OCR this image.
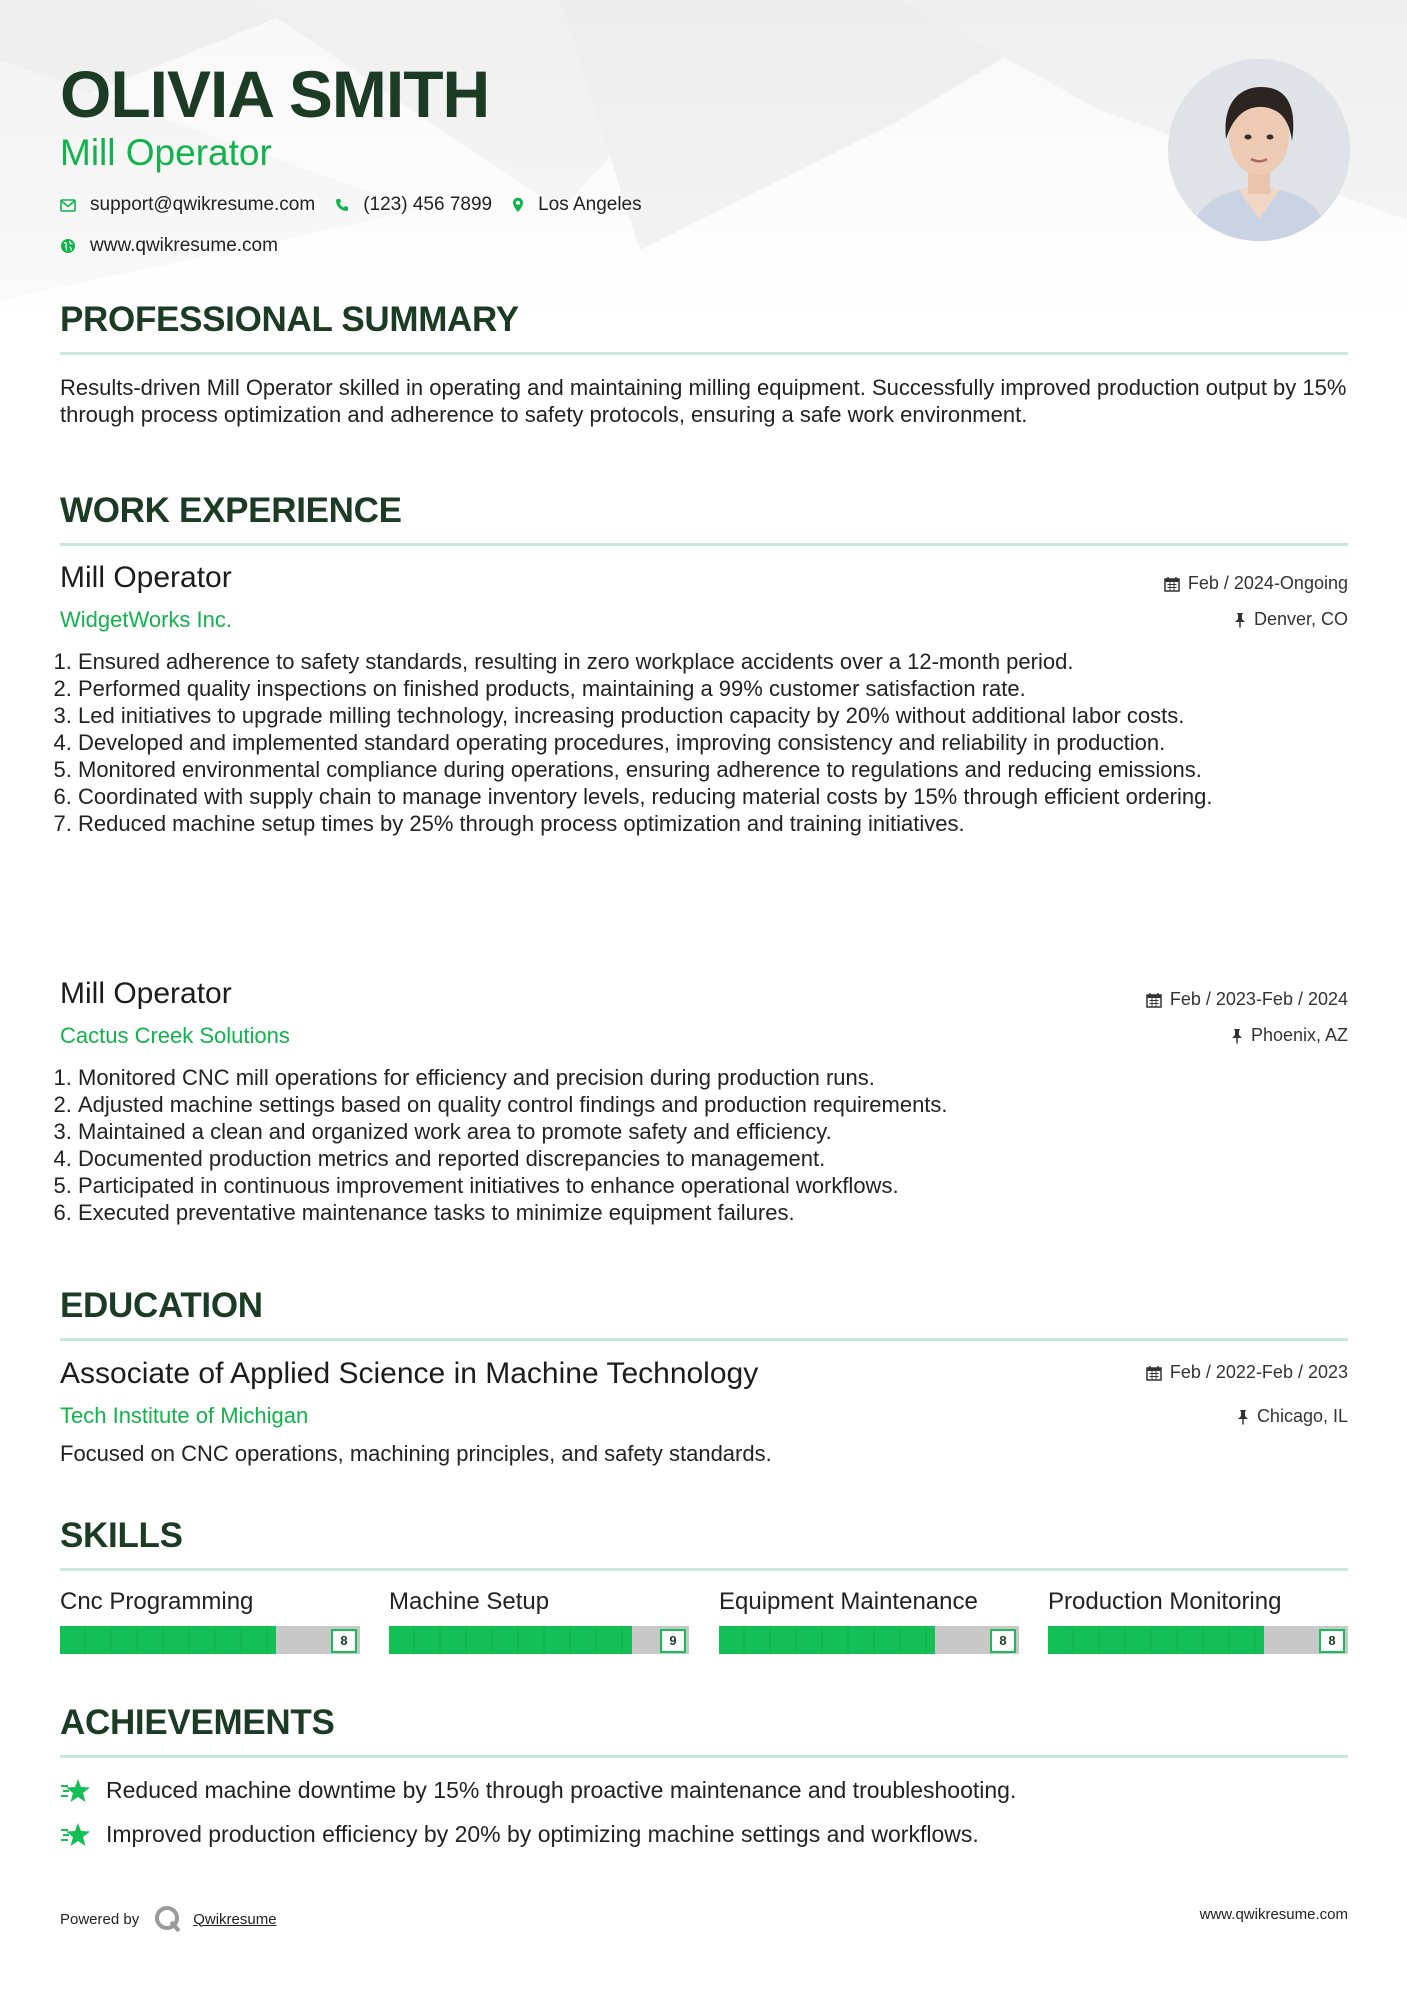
OLIVIA SMITH
Mill Operator
support@qwikresume.com	(123) 456 7899 Los Angeles
www.qwikresume.com
PROFESSIONAL SUMMARY

Results-driven Mill Operator skilled in operating and maintaining milling equipment. Successfully improved production output by 15% through process optimization and adherence to safety protocols, ensuring a safe work environment.

WORK EXPERIENCE
Mill Operator	Feb / 2024-Ongoing
WidgetWorks Inc.	Denver, CO
1. Ensured adherence to safety standards, resulting in zero workplace accidents over a 12-month period.
2. Performed quality inspections on finished products, maintaining a 99% customer satisfaction rate.
3. Led initiatives to upgrade milling technology, increasing production capacity by 20% without additional labor costs.
4. Developed and implemented standard operating procedures, improving consistency and reliability in production.
5. Monitored environmental compliance during operations, ensuring adherence to regulations and reducing emissions.
6. Coordinated with supply chain to manage inventory levels, reducing material costs by 15% through efficient ordering.
7. Reduced machine setup times by 25% through process optimization and training initiatives.
Mill Operator	Feb / 2023-Feb / 2024
Cactus Creek Solutions	Phoenix, AZ
1. Monitored CNC mill operations for efficiency and precision during production runs.
2. Adjusted machine settings based on quality control findings and production requirements.
3. Maintained a clean and organized work area to promote safety and efficiency.
4. Documented production metrics and reported discrepancies to management.
5. Participated in continuous improvement initiatives to enhance operational workflows.
6. Executed preventative maintenance tasks to minimize equipment failures.
EDUCATION
Associate of Applied Science in Machine Technology	Feb / 2022-Feb / 2023
Tech Institute of Michigan	Chicago, IL

Focused on CNC operations, machining principles, and safety standards.

SKILLS
Cnc Programming
8
Machine Setup
9
Equipment Maintenance
8
Production Monitoring
8
ACHIEVEMENTS
Reduced machine downtime by 15% through proactive maintenance and troubleshooting.
Improved production efficiency by 20% by optimizing machine settings and workflows.
Powered by	Qwikresume	www.qwikresume.com
